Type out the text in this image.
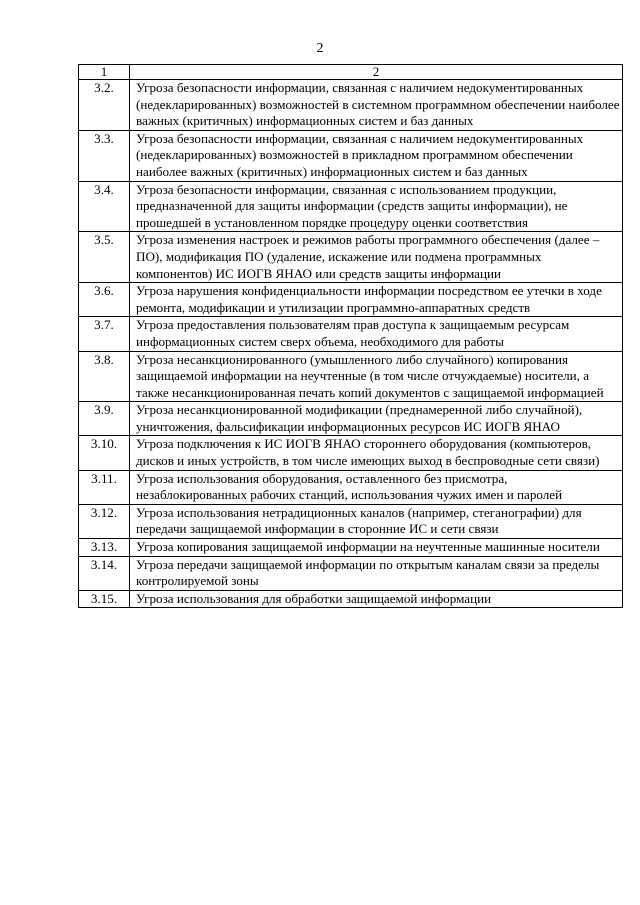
2
1	2
3.2.	Угроза безопасности информации, связанная с наличием недокументированных (недекларированных) возможностей в системном программном обеспечении наиболее важных (критичных) информационных систем и баз данных
3.3.	Угроза безопасности информации, связанная с наличием недокументированных (недекларированных) возможностей в прикладном программном обеспечении наиболее важных (критичных) информационных систем и баз данных
3.4.	Угроза безопасности информации, связанная с использованием продукции, предназначенной для защиты информации (средств защиты информации), не прошедшей в установленном порядке процедуру оценки соответствия
3.5.	Угроза изменения настроек и режимов работы программного обеспечения (далее – ПО), модификация ПО (удаление, искажение или подмена программных компонентов) ИС ИОГВ ЯНАО или средств защиты информации
3.6.	Угроза нарушения конфиденциальности информации посредством ее утечки в ходе ремонта, модификации и утилизации программно-аппаратных средств
3.7.	Угроза предоставления пользователям прав доступа к защищаемым ресурсам информационных систем сверх объема, необходимого для работы
3.8.	Угроза несанкционированного (умышленного либо случайного) копирования защищаемой информации на неучтенные (в том числе отчуждаемые) носители, а также несанкционированная печать копий документов с защищаемой информацией
3.9.	Угроза несанкционированной модификации (преднамеренной либо случайной), уничтожения, фальсификации информационных ресурсов ИС ИОГВ ЯНАО
3.10.	Угроза подключения к ИС ИОГВ ЯНАО стороннего оборудования (компьютеров, дисков и иных устройств, в том числе имеющих выход в беспроводные сети связи)
3.11.	Угроза использования оборудования, оставленного без присмотра, незаблокированных рабочих станций, использования чужих имен и паролей
3.12.	Угроза использования нетрадиционных каналов (например, стеганографии) для передачи защищаемой информации в сторонние ИС и сети связи
3.13.	Угроза копирования защищаемой информации на неучтенные машинные носители
3.14.	Угроза передачи защищаемой информации по открытым каналам связи за пределы контролируемой зоны
3.15.	Угроза использования для обработки защищаемой информации
